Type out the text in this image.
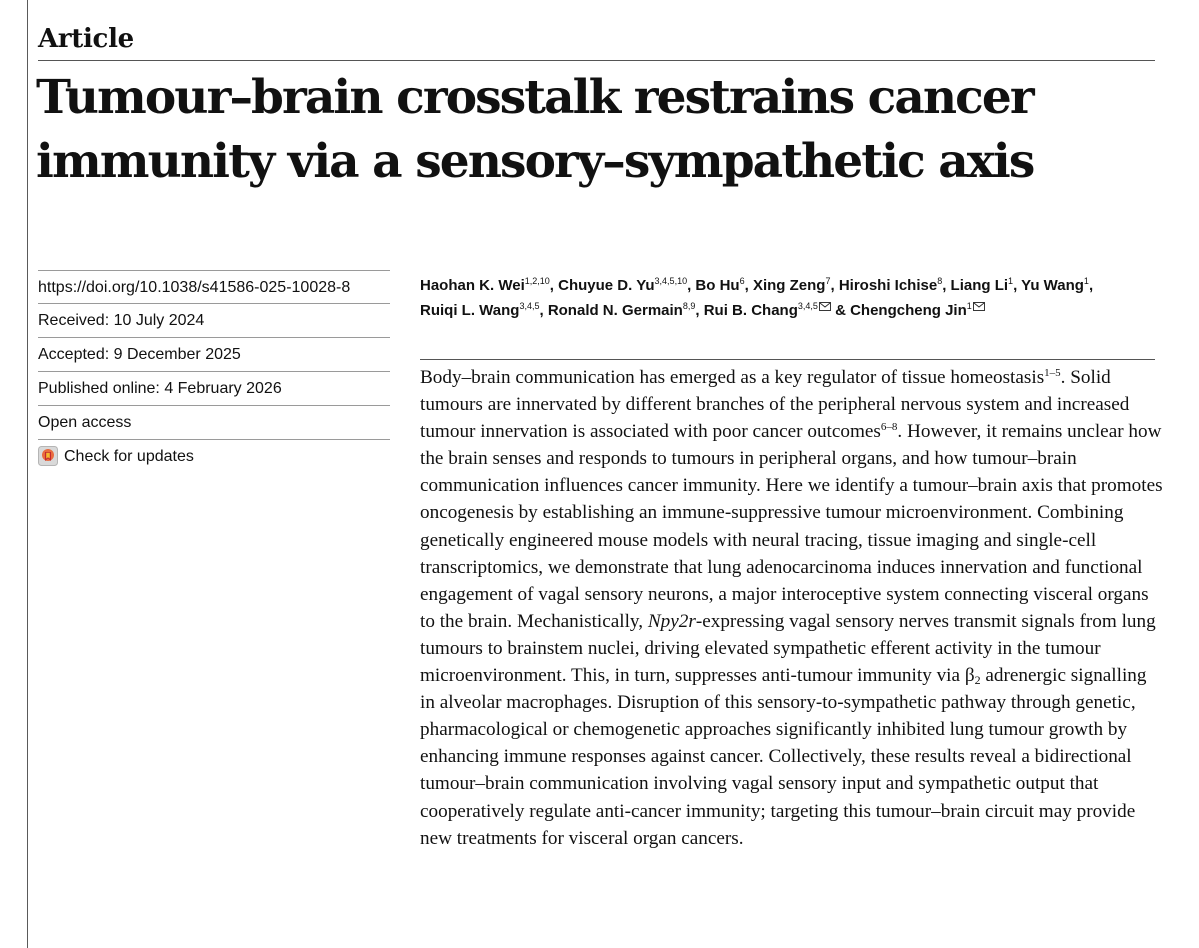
Article
Tumour–brain crosstalk restrains cancer
immunity via a sensory–sympathetic axis
https://doi.org/10.1038/s41586-025-10028-8
Received: 10 July 2024
Accepted: 9 December 2025
Published online: 4 February 2026
Open access
Check for updates
Haohan K. Wei$^{1,2,10}$, Chuyue D. Yu$^{3,4,5,10}$, Bo Hu$^6$, Xing Zeng$^7$, Hiroshi Ichise$^8$, Liang Li$^1$, Yu Wang$^1$,
Ruiqi L. Wang$^{3,4,5}$, Ronald N. Germain$^{8,9}$, Rui B. Chang$^{3,4,5}$ & Chengcheng Jin$^1$

Body–brain communication has emerged as a key regulator of tissue homeostasis$^{1-5}$. Solid tumours are innervated by different branches of the peripheral nervous system and increased tumour innervation is associated with poor cancer outcomes$^{6-8}$. However, it remains unclear how the brain senses and responds to tumours in peripheral organs, and how tumour–brain communication influences cancer immunity. Here we identify a tumour–brain axis that promotes oncogenesis by establishing an immune-suppressive tumour microenvironment. Combining genetically engineered mouse models with neural tracing, tissue imaging and single-cell transcriptomics, we demonstrate that lung adenocarcinoma induces innervation and functional engagement of vagal sensory neurons, a major interoceptive system connecting visceral organs to the brain. Mechanistically, Npy2r-expressing vagal sensory nerves transmit signals from lung tumours to brainstem nuclei, driving elevated sympathetic efferent activity in the tumour microenvironment. This, in turn, suppresses anti-tumour immunity via $\beta_2$ adrenergic signalling in alveolar macrophages. Disruption of this sensory-to-sympathetic pathway through genetic, pharmacological or chemogenetic approaches significantly inhibited lung tumour growth by enhancing immune responses against cancer. Collectively, these results reveal a bidirectional tumour–brain communication involving vagal sensory input and sympathetic output that cooperatively regulate anti-cancer immunity; targeting this tumour–brain circuit may provide new treatments for visceral organ cancers.
